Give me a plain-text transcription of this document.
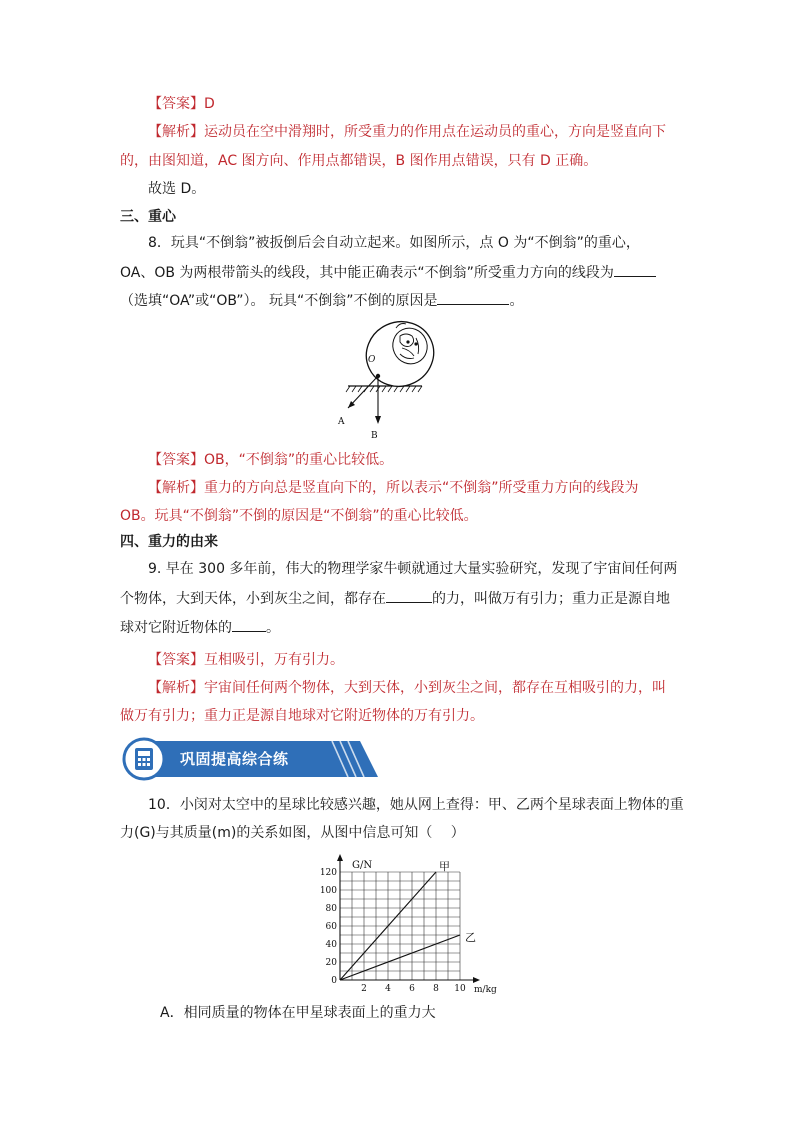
【答案】D
【解析】运动员在空中滑翔时，所受重力的作用点在运动员的重心，方向是竖直向下
的，由图知道，AC 图方向、作用点都错误，B 图作用点错误，只有 D 正确。
故选 D。
三、重心
8．玩具“不倒翁”被扳倒后会自动立起来。如图所示，点 O 为“不倒翁”的重心，
OA、OB 为两根带箭头的线段，其中能正确表示“不倒翁”所受重力方向的线段为
（选填“OA”或“OB”）。 玩具“不倒翁”不倒的原因是	。
O
A
B
【答案】OB，“不倒翁”的重心比较低。
【解析】重力的方向总是竖直向下的，所以表示“不倒翁”所受重力方向的线段为
OB。玩具“不倒翁”不倒的原因是“不倒翁”的重心比较低。
四、重力的由来
9. 早在 300 多年前，伟大的物理学家牛顿就通过大量实验研究，发现了宇宙间任何两
个物体，大到天体，小到灰尘之间，都存在	的力，叫做万有引力；重力正是源自地
球对它附近物体的 。
【答案】互相吸引，万有引力。
【解析】宇宙间任何两个物体，大到天体，小到灰尘之间，都存在互相吸引的力，叫
做万有引力；重力正是源自地球对它附近物体的万有引力。
巩固提高综合练
10．小闵对太空中的星球比较感兴趣，她从网上查得：甲、乙两个星球表面上物体的重
力(G)与其质量(m)的关系如图，从图中信息可知（　 ）
G/N
m/kg
2 4 6 8 10
0
20
40
60
80
100
120	甲
乙
A．相同质量的物体在甲星球表面上的重力大
